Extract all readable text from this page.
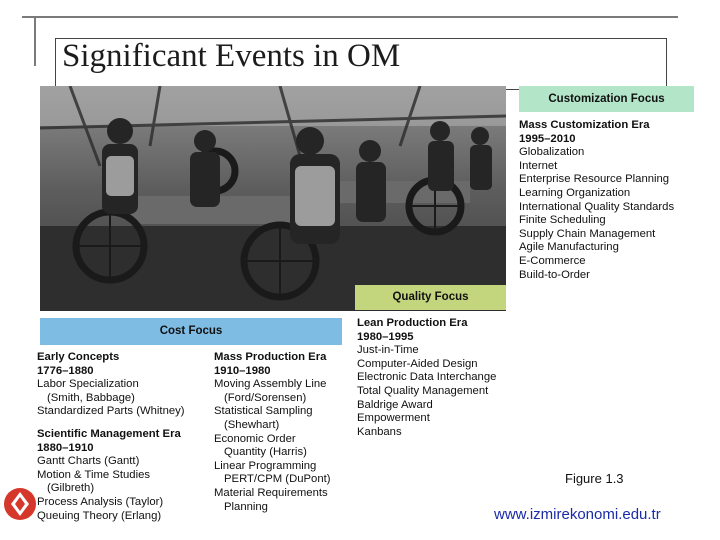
Significant Events in OM
Customization Focus
Quality Focus
Cost Focus
Mass Customization Era
1995–2010
Globalization
Internet
Enterprise Resource Planning
Learning Organization
International Quality Standards
Finite Scheduling
Supply Chain Management
Agile Manufacturing
E-Commerce
Build-to-Order
Lean Production Era
1980–1995
Just-in-Time
Computer-Aided Design
Electronic Data Interchange
Total Quality Management
Baldrige Award
Empowerment
Kanbans
Early Concepts
1776–1880
Labor Specialization
(Smith, Babbage)
Standardized Parts (Whitney)
Scientific Management Era
1880–1910
Gantt Charts (Gantt)
Motion & Time Studies
(Gilbreth)
Process Analysis (Taylor)
Queuing Theory (Erlang)
Mass Production Era
1910–1980
Moving Assembly Line
(Ford/Sorensen)
Statistical Sampling
(Shewhart)
Economic Order
Quantity (Harris)
Linear Programming
PERT/CPM (DuPont)
Material Requirements
Planning
Figure 1.3
www.izmirekonomi.edu.tr
